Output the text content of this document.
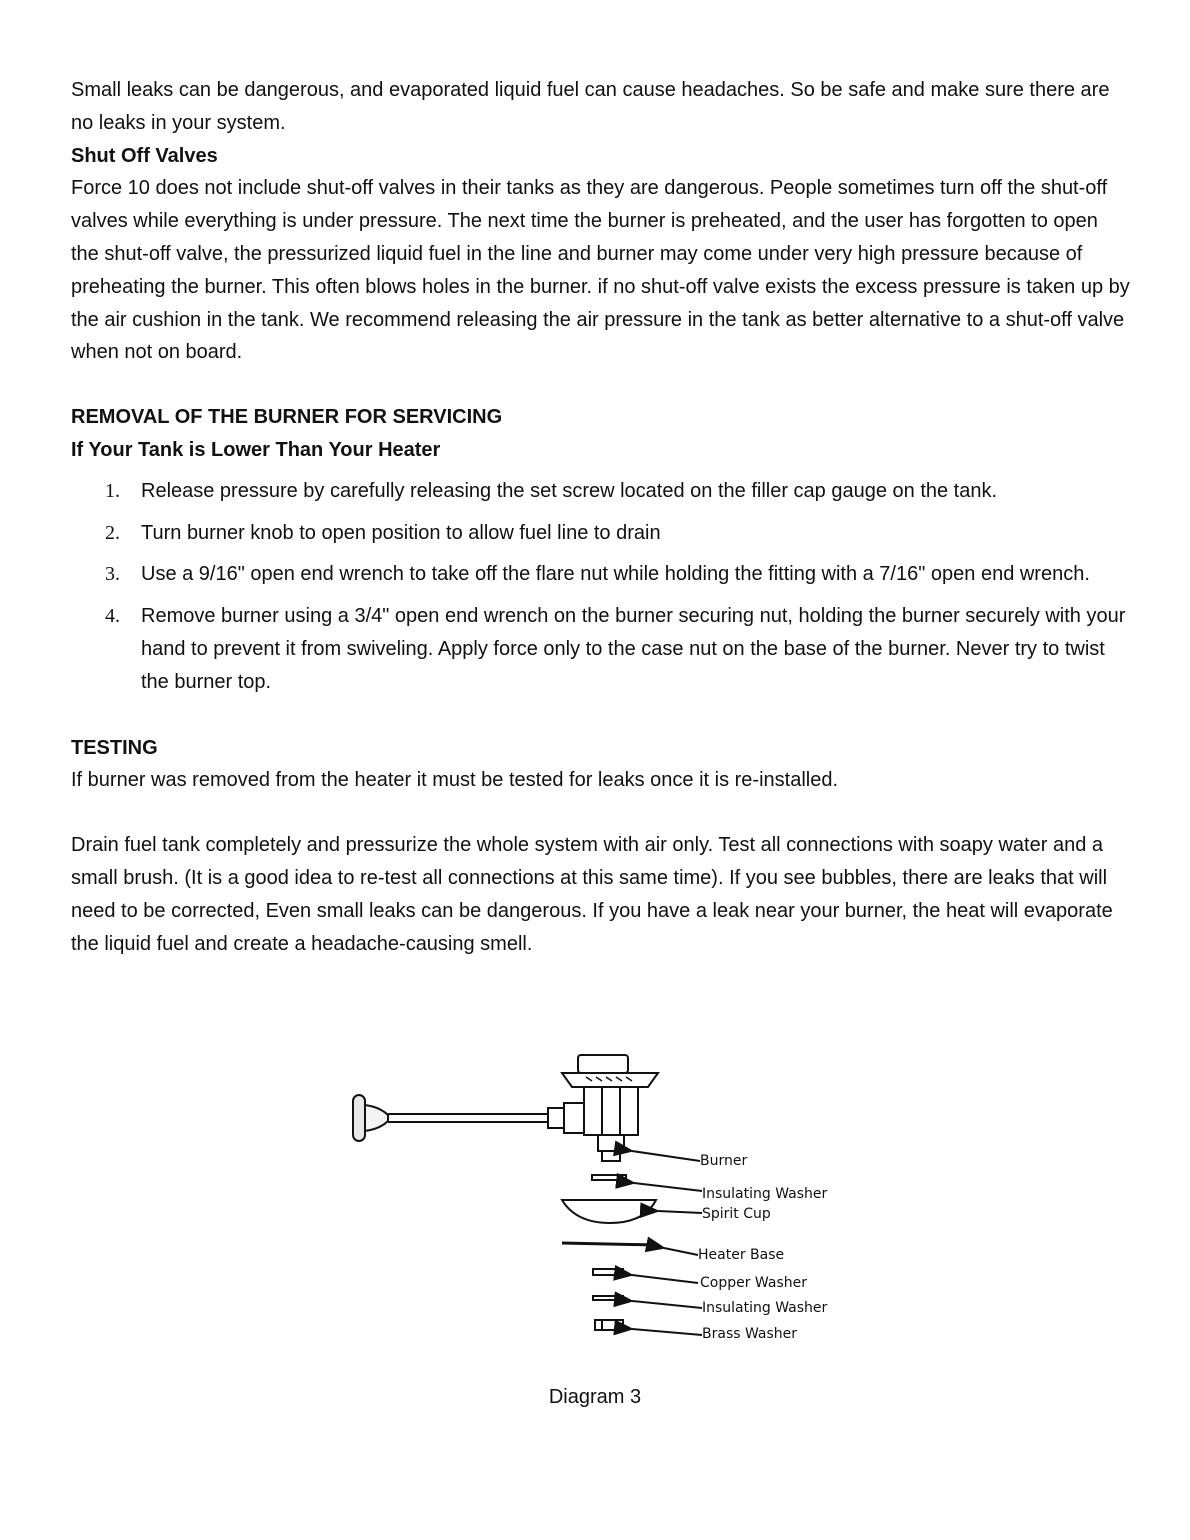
Small leaks can be dangerous, and evaporated liquid fuel can cause headaches. So be safe and make sure there are no leaks in your system.

Shut Off Valves

Force 10 does not include shut-off valves in their tanks as they are dangerous. People sometimes turn off the shut-off valves while everything is under pressure. The next time the burner is preheated, and the user has forgotten to open the shut-off valve, the pressurized liquid fuel in the line and burner may come under very high pressure because of preheating the burner. This often blows holes in the burner. if no shut-off valve exists the excess pressure is taken up by the air cushion in the tank. We recommend releasing the air pressure in the tank as better alternative to a shut-off valve when not on board.

REMOVAL OF THE BURNER FOR SERVICING

If Your Tank is Lower Than Your Heater

1. Release pressure by carefully releasing the set screw located on the filler cap gauge on the tank.
2. Turn burner knob to open position to allow fuel line to drain
3. Use a 9/16" open end wrench to take off the flare nut while holding the fitting with a 7/16" open end wrench.
4. Remove burner using a 3/4" open end wrench on the burner securing nut, holding the burner securely with your hand to prevent it from swiveling. Apply force only to the case nut on the base of the burner. Never try to twist the burner top.

TESTING

If burner was removed from the heater it must be tested for leaks once it is re-installed.

Drain fuel tank completely and pressurize the whole system with air only. Test all connections with soapy water and a small brush. (It is a good idea to re-test all connections at this same time). If you see bubbles, there are leaks that will need to be corrected, Even small leaks can be dangerous. If you have a leak near your burner, the heat will evaporate the liquid fuel and create a headache-causing smell.

Burner
Insulating Washer
Spirit Cup
Heater Base
Copper Washer
Insulating Washer
Brass Washer
Diagram 3
